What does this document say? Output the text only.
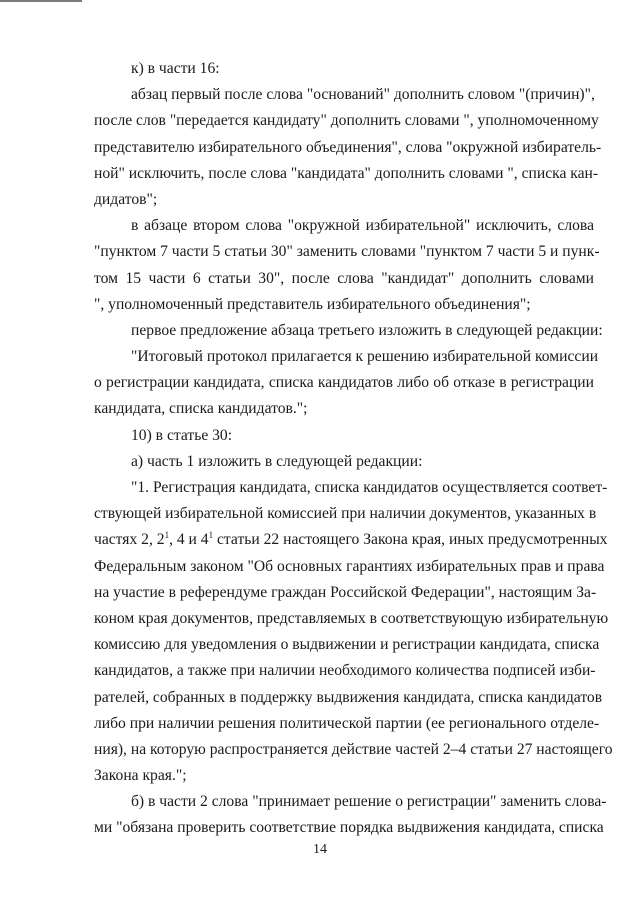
к) в части 16:
абзац первый после слова "оснований" дополнить словом "(причин)",
после слов "передается кандидату" дополнить словами ", уполномоченному
представителю избирательного объединения", слова "окружной избиратель-
ной" исключить, после слова "кандидата" дополнить словами ", списка кан-
дидатов";
в абзаце втором слова "окружной избирательной" исключить, слова
"пунктом 7 части 5 статьи 30" заменить словами "пунктом 7 части 5 и пунк-
том 15 части 6 статьи 30", после слова "кандидат" дополнить словами
", уполномоченный представитель избирательного объединения";
первое предложение абзаца третьего изложить в следующей редакции:
"Итоговый протокол прилагается к решению избирательной комиссии
о регистрации кандидата, списка кандидатов либо об отказе в регистрации
кандидата, списка кандидатов.";
10) в статье 30:
а) часть 1 изложить в следующей редакции:
"1. Регистрация кандидата, списка кандидатов осуществляется соответ-
ствующей избирательной комиссией при наличии документов, указанных в
частях 2, $2^1$, 4 и $4^1$ статьи 22 настоящего Закона края, иных предусмотренных
Федеральным законом "Об основных гарантиях избирательных прав и права
на участие в референдуме граждан Российской Федерации", настоящим За-
коном края документов, представляемых в соответствующую избирательную
комиссию для уведомления о выдвижении и регистрации кандидата, списка
кандидатов, а также при наличии необходимого количества подписей изби-
рателей, собранных в поддержку выдвижения кандидата, списка кандидатов
либо при наличии решения политической партии (ее регионального отделе-
ния), на которую распространяется действие частей 2–4 статьи 27 настоящего
Закона края.";
б) в части 2 слова "принимает решение о регистрации" заменить слова-
ми "обязана проверить соответствие порядка выдвижения кандидата, списка
14
